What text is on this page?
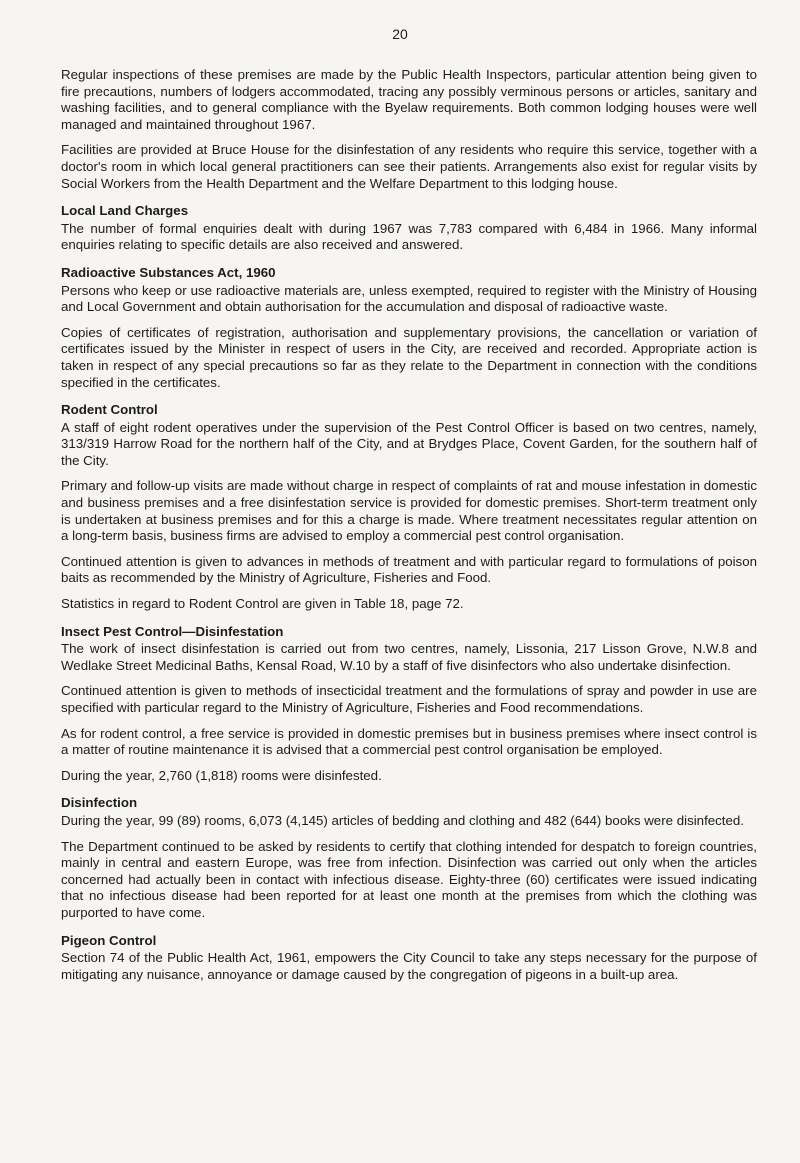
20

Regular inspections of these premises are made by the Public Health Inspectors, particular attention being given to fire precautions, numbers of lodgers accommodated, tracing any possibly verminous persons or articles, sanitary and washing facilities, and to general compliance with the Byelaw requirements. Both common lodging houses were well managed and maintained throughout 1967.

Facilities are provided at Bruce House for the disinfestation of any residents who require this service, together with a doctor's room in which local general practitioners can see their patients. Arrangements also exist for regular visits by Social Workers from the Health Department and the Welfare Department to this lodging house.

Local Land Charges

The number of formal enquiries dealt with during 1967 was 7,783 compared with 6,484 in 1966. Many informal enquiries relating to specific details are also received and answered.

Radioactive Substances Act, 1960

Persons who keep or use radioactive materials are, unless exempted, required to register with the Ministry of Housing and Local Government and obtain authorisation for the accumulation and disposal of radioactive waste.

Copies of certificates of registration, authorisation and supplementary provisions, the cancellation or variation of certificates issued by the Minister in respect of users in the City, are received and recorded. Appropriate action is taken in respect of any special precautions so far as they relate to the Department in connection with the conditions specified in the certificates.

Rodent Control

A staff of eight rodent operatives under the supervision of the Pest Control Officer is based on two centres, namely, 313/319 Harrow Road for the northern half of the City, and at Brydges Place, Covent Garden, for the southern half of the City.

Primary and follow-up visits are made without charge in respect of complaints of rat and mouse infestation in domestic and business premises and a free disinfestation service is provided for domestic premises. Short-term treatment only is undertaken at business premises and for this a charge is made. Where treatment necessitates regular attention on a long-term basis, business firms are advised to employ a commercial pest control organisation.

Continued attention is given to advances in methods of treatment and with particular regard to formulations of poison baits as recommended by the Ministry of Agriculture, Fisheries and Food.

Statistics in regard to Rodent Control are given in Table 18, page 72.

Insect Pest Control—Disinfestation

The work of insect disinfestation is carried out from two centres, namely, Lissonia, 217 Lisson Grove, N.W.8 and Wedlake Street Medicinal Baths, Kensal Road, W.10 by a staff of five disinfectors who also undertake disinfection.

Continued attention is given to methods of insecticidal treatment and the formulations of spray and powder in use are specified with particular regard to the Ministry of Agriculture, Fisheries and Food recommendations.

As for rodent control, a free service is provided in domestic premises but in business premises where insect control is a matter of routine maintenance it is advised that a commercial pest control organisation be employed.

During the year, 2,760 (1,818) rooms were disinfested.

Disinfection

During the year, 99 (89) rooms, 6,073 (4,145) articles of bedding and clothing and 482 (644) books were disinfected.

The Department continued to be asked by residents to certify that clothing intended for despatch to foreign countries, mainly in central and eastern Europe, was free from infection. Disinfection was carried out only when the articles concerned had actually been in contact with infectious disease. Eighty-three (60) certificates were issued indicating that no infectious disease had been reported for at least one month at the premises from which the clothing was purported to have come.

Pigeon Control

Section 74 of the Public Health Act, 1961, empowers the City Council to take any steps necessary for the purpose of mitigating any nuisance, annoyance or damage caused by the congregation of pigeons in a built-up area.
